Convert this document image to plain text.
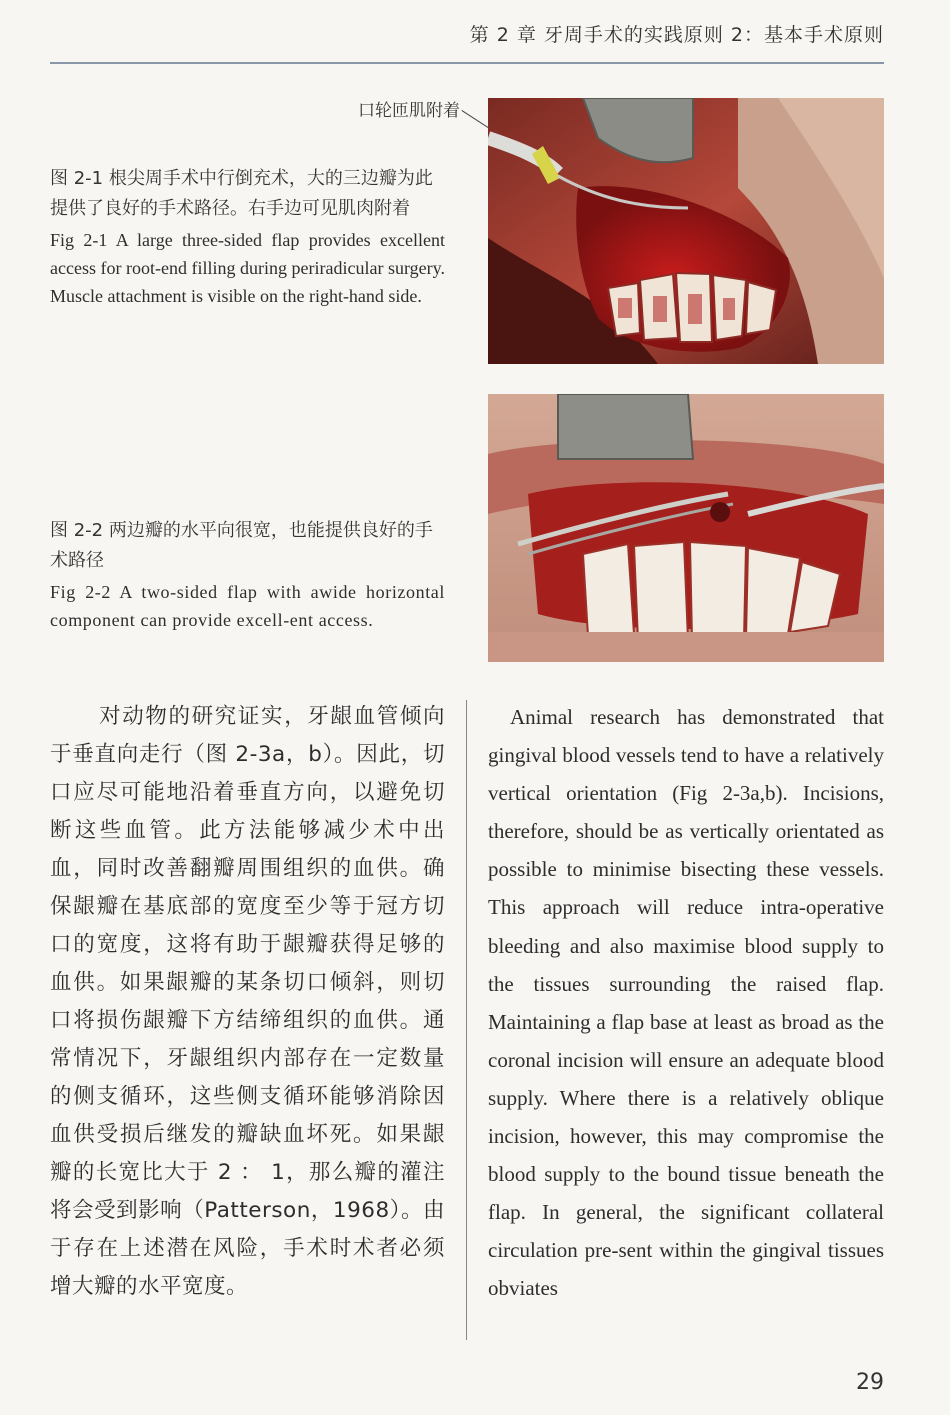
第 2 章 牙周手术的实践原则 2：基本手术原则
口轮匝肌附着

图 2-1 根尖周手术中行倒充术，大的三边瓣为此提供了良好的手术路径。右手边可见肌肉附着

Fig 2-1 A large three-sided flap provides excellent access for root-end filling during periradicular surgery. Muscle attachment is visible on the right-hand side.

图 2-2 两边瓣的水平向很宽，也能提供良好的手术路径

Fig 2-2 A two-sided flap with awide horizontal component can provide excell-ent access.

对动物的研究证实，牙龈血管倾向于垂直向走行（图 2-3a，b）。因此，切口应尽可能地沿着垂直方向，以避免切断这些血管。此方法能够减少术中出血，同时改善翻瓣周围组织的血供。确保龈瓣在基底部的宽度至少等于冠方切口的宽度，这将有助于龈瓣获得足够的血供。如果龈瓣的某条切口倾斜，则切口将损伤龈瓣下方结缔组织的血供。通常情况下，牙龈组织内部存在一定数量的侧支循环，这些侧支循环能够消除因血供受损后继发的瓣缺血坏死。如果龈瓣的长宽比大于 2 ： 1，那么瓣的灌注将会受到影响（Patterson，1968）。由于存在上述潜在风险，手术时术者必须增大瓣的水平宽度。

Animal research has demonstrated that gingival blood vessels tend to have a relatively vertical orientation (Fig 2-3a,b). Incisions, therefore, should be as vertically orientated as possible to minimise bisecting these vessels. This approach will reduce intra-operative bleeding and also maximise blood supply to the tissues surrounding the raised flap. Maintaining a flap base at least as broad as the coronal incision will ensure an adequate blood supply. Where there is a relatively oblique incision, however, this may compromise the blood supply to the bound tissue beneath the flap. In general, the significant collateral circulation pre-sent within the gingival tissues obviates

29
